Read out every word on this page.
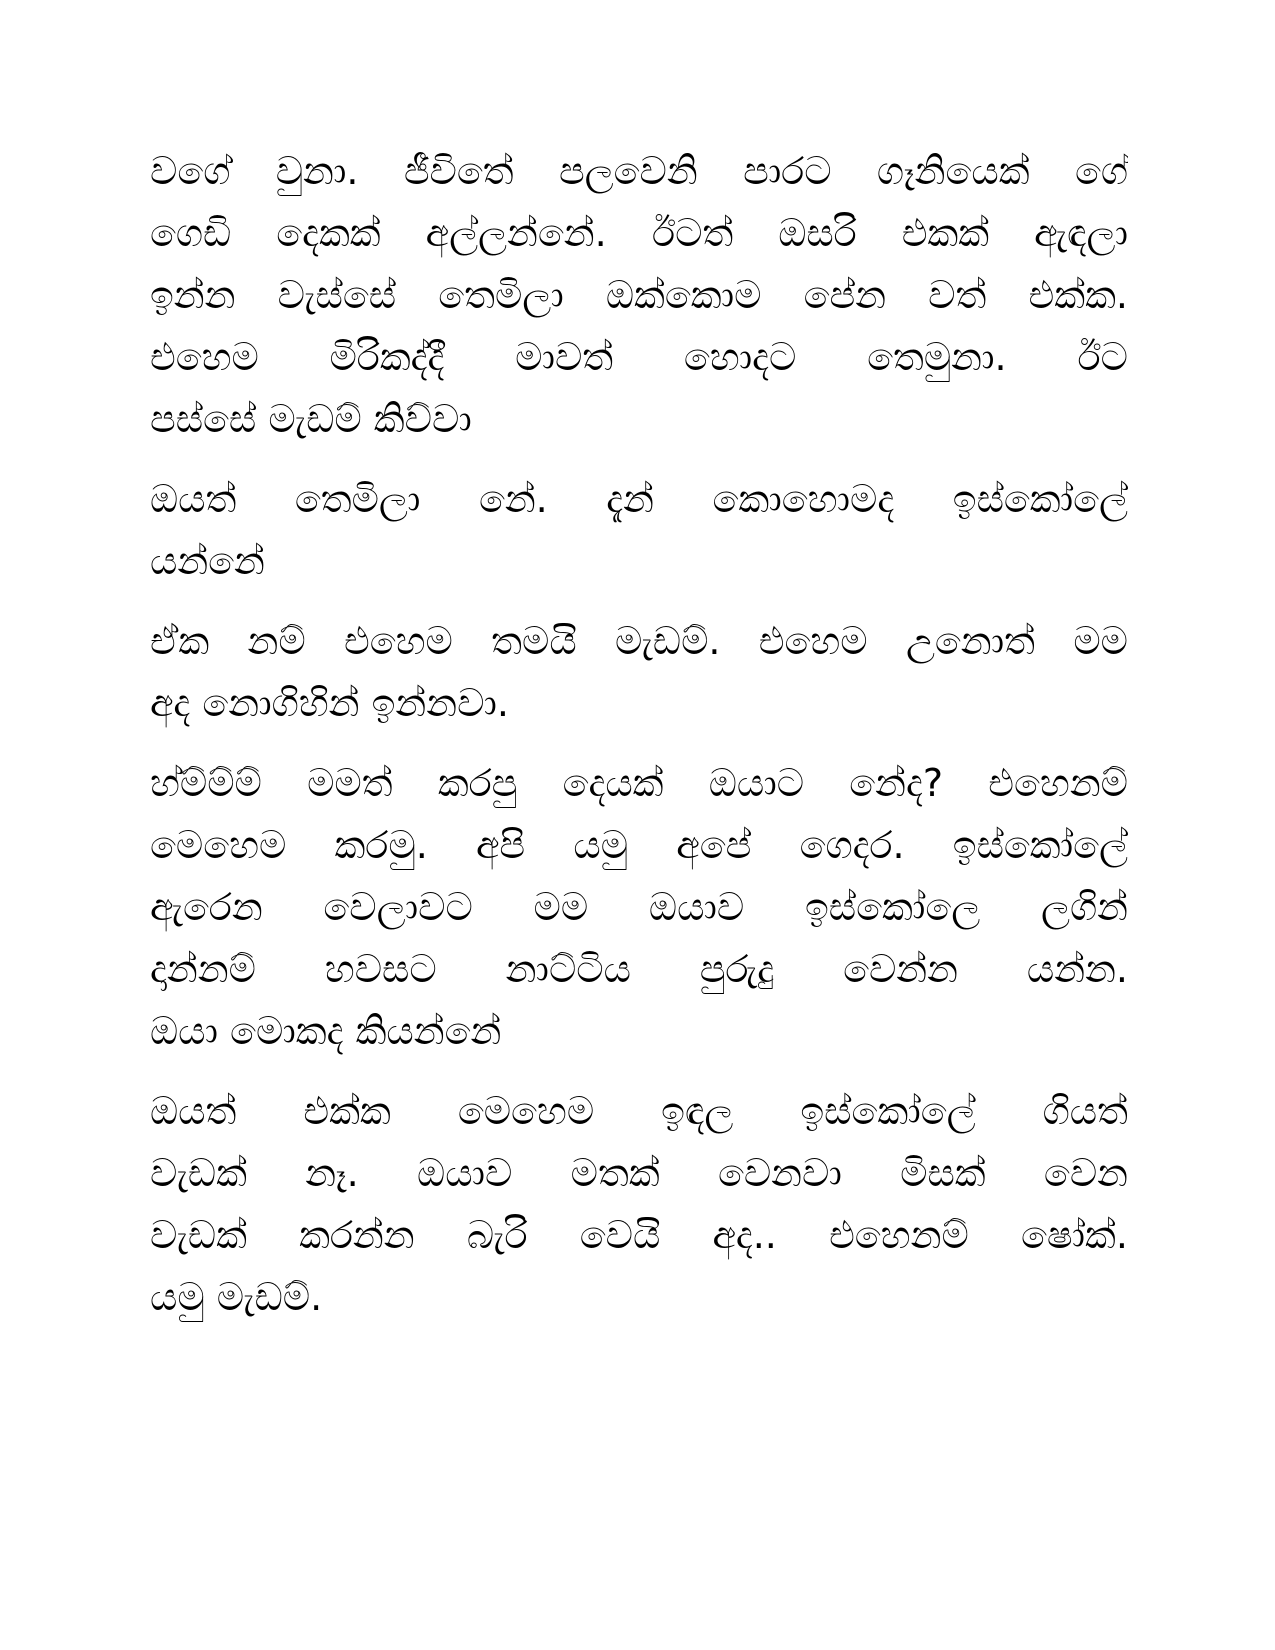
වගේ වුනා. ජීවිතේ පලවෙනි පාරට ගෑනියෙක් ගේ
ගෙඩි දෙකක් අල්ලන්නේ. ඊටත් ඔසරි එකක් ඇඳලා
ඉන්න වැස්සේ තෙමිලා ඔක්කොම පේන වත් එක්ක.
එහෙම මිරිකද්දී මාවත් හොදට තෙමුනා. ඊට
පස්සේ මැඩම් කිව්වා
ඔයත් තෙමිලා නේ. දැන් කොහොමද ඉස්කෝලේ
යන්නේ
ඒක නම් එහෙම තමයි මැඩම්. එහෙම උනොත් මම
අද නොගිහින් ඉන්නවා.
හ්ම්ම්ම් මමත් කරපු දෙයක් ඔයාට නේද? එහෙනම්
මෙහෙම කරමු. අපි යමු අපේ ගෙදර. ඉස්කෝලේ
ඇරෙන වෙලාවට මම ඔයාව ඉස්කෝලෙ ලගින්
දාන්නම් හවසට නාට්ටිය පුරුදු වෙන්න යන්න.
ඔයා මොකද කියන්නේ
ඔයත් එක්ක මෙහෙම ඉඳල ඉස්කෝලේ ගියත්
වැඩක් නෑ. ඔයාව මතක් වෙනවා මිසක් වෙන
වැඩක් කරන්න බැරි වෙයි අද.. එහෙනම් ෂෝක්.
යමු මැඩම්.
